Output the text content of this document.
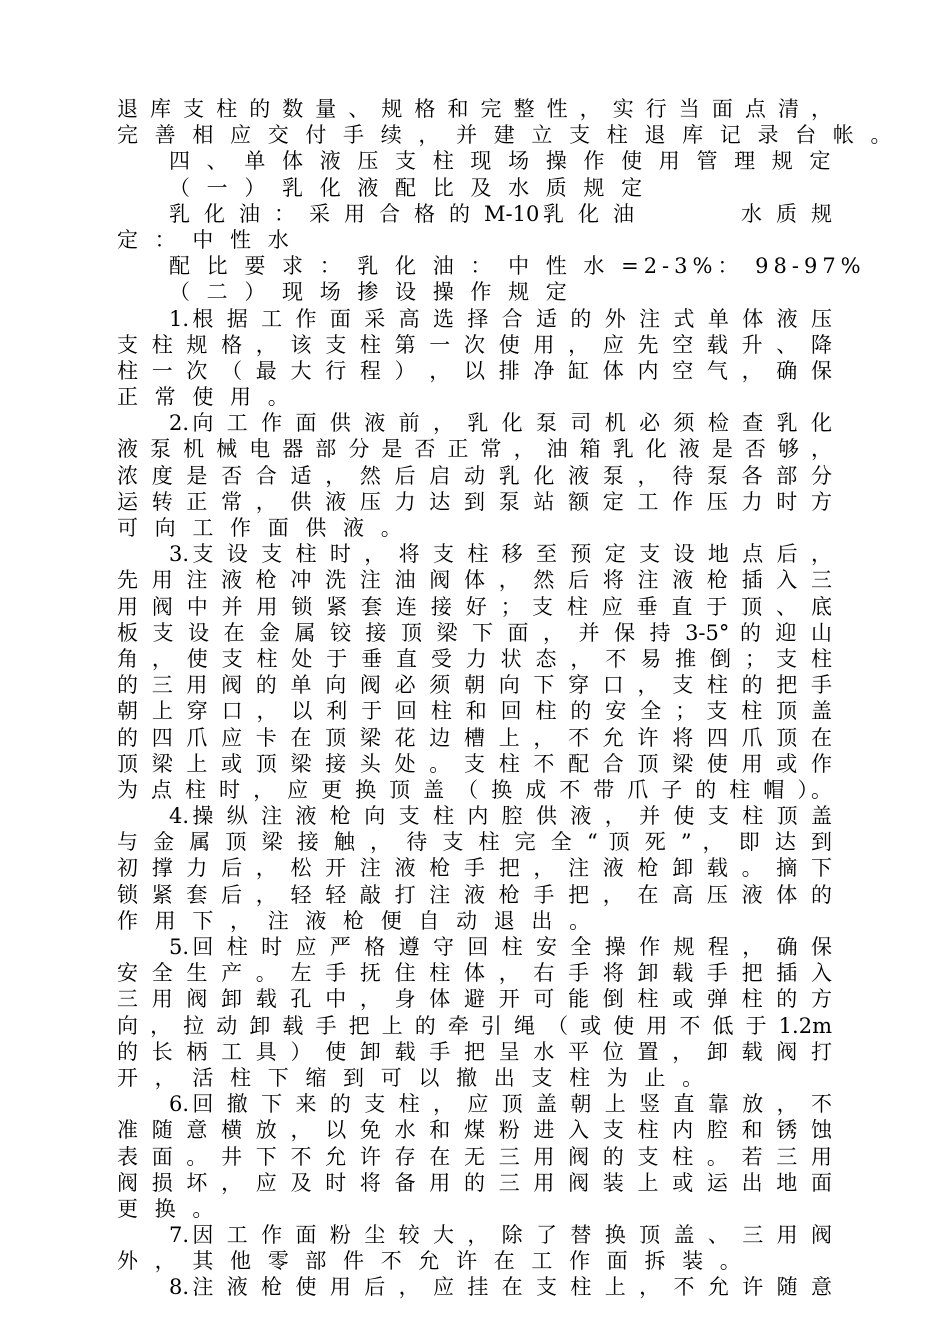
退 库 支 柱 的 数 量 、 规 格 和 完 整 性 ， 实 行 当 面 点 清 ，
完 善 相 应 交 付 手 续 ， 并 建 立 支 柱 退 库 记 录 台 帐 。
四 、 单 体 液 压 支 柱 现 场 操 作 使 用 管 理 规 定
（ 一 ） 乳 化 液 配 比 及 水 质 规 定
乳 化 油 ： 采 用 合 格 的 M-10乳 化 油          水 质 规
定 ： 中 性 水
配 比 要 求 ： 乳 化 油 ： 中 性 水 =2-3%： 98-97%
（ 二 ） 现 场 掺 设 操 作 规 定
1.根 据 工 作 面 采 高 选 择 合 适 的 外 注 式 单 体 液 压
支 柱 规 格 ， 该 支 柱 第 一 次 使 用 ， 应 先 空 载 升 、 降
柱 一 次 （ 最 大 行 程 ） ， 以 排 净 缸 体 内 空 气 ， 确 保
正 常 使 用 。
2.向 工 作 面 供 液 前 ， 乳 化 泵 司 机 必 须 检 查 乳 化
液 泵 机 械 电 器 部 分 是 否 正 常 ， 油 箱 乳 化 液 是 否 够 ，
浓 度 是 否 合 适 ， 然 后 启 动 乳 化 液 泵 ， 待 泵 各 部 分
运 转 正 常 ， 供 液 压 力 达 到 泵 站 额 定 工 作 压 力 时 方
可 向 工 作 面 供 液 。
3.支 设 支 柱 时 ， 将 支 柱 移 至 预 定 支 设 地 点 后 ，
先 用 注 液 枪 冲 洗 注 油 阀 体 ， 然 后 将 注 液 枪 插 入 三
用 阀 中 并 用 锁 紧 套 连 接 好 ； 支 柱 应 垂 直 于 顶 、 底
板 支 设 在 金 属 铰 接 顶 梁 下 面 ， 并 保 持 3-5° 的 迎 山
角 ， 使 支 柱 处 于 垂 直 受 力 状 态 ， 不 易 推 倒 ； 支 柱
的 三 用 阀 的 单 向 阀 必 须 朝 向 下 穿 口 ， 支 柱 的 把 手
朝 上 穿 口 ， 以 利 于 回 柱 和 回 柱 的 安 全 ； 支 柱 顶 盖
的 四 爪 应 卡 在 顶 梁 花 边 槽 上 ， 不 允 许 将 四 爪 顶 在
顶 梁 上 或 顶 梁 接 头 处 。 支 柱 不 配 合 顶 梁 使 用 或 作
为 点 柱 时 ， 应 更 换 顶 盖 （ 换 成 不 带 爪 子 的 柱 帽 ）。
4.操 纵 注 液 枪 向 支 柱 内 腔 供 液 ， 并 使 支 柱 顶 盖
与 金 属 顶 梁 接 触 ， 待 支 柱 完 全 “ 顶 死 ” ， 即 达 到
初 撑 力 后 ， 松 开 注 液 枪 手 把 ， 注 液 枪 卸 载 。 摘 下
锁 紧 套 后 ， 轻 轻 敲 打 注 液 枪 手 把 ， 在 高 压 液 体 的
作 用 下 ， 注 液 枪 便 自 动 退 出 。
5.回 柱 时 应 严 格 遵 守 回 柱 安 全 操 作 规 程 ， 确 保
安 全 生 产 。 左 手 抚 住 柱 体 ， 右 手 将 卸 载 手 把 插 入
三 用 阀 卸 载 孔 中 ， 身 体 避 开 可 能 倒 柱 或 弹 柱 的 方
向 ， 拉 动 卸 载 手 把 上 的 牵 引 绳 （ 或 使 用 不 低 于 1.2m
的 长 柄 工 具 ） 使 卸 载 手 把 呈 水 平 位 置 ， 卸 载 阀 打
开 ， 活 柱 下 缩 到 可 以 撤 出 支 柱 为 止 。
6.回 撤 下 来 的 支 柱 ， 应 顶 盖 朝 上 竖 直 靠 放 ， 不
准 随 意 横 放 ， 以 免 水 和 煤 粉 进 入 支 柱 内 腔 和 锈 蚀
表 面 。 井 下 不 允 许 存 在 无 三 用 阀 的 支 柱 。 若 三 用
阀 损 坏 ， 应 及 时 将 备 用 的 三 用 阀 装 上 或 运 出 地 面
更 换 。
7.因 工 作 面 粉 尘 较 大 ， 除 了 替 换 顶 盖 、 三 用 阀
外 ， 其 他 零 部 件 不 允 许 在 工 作 面 拆 装 。
8.注 液 枪 使 用 后 ， 应 挂 在 支 柱 上 ， 不 允 许 随 意
